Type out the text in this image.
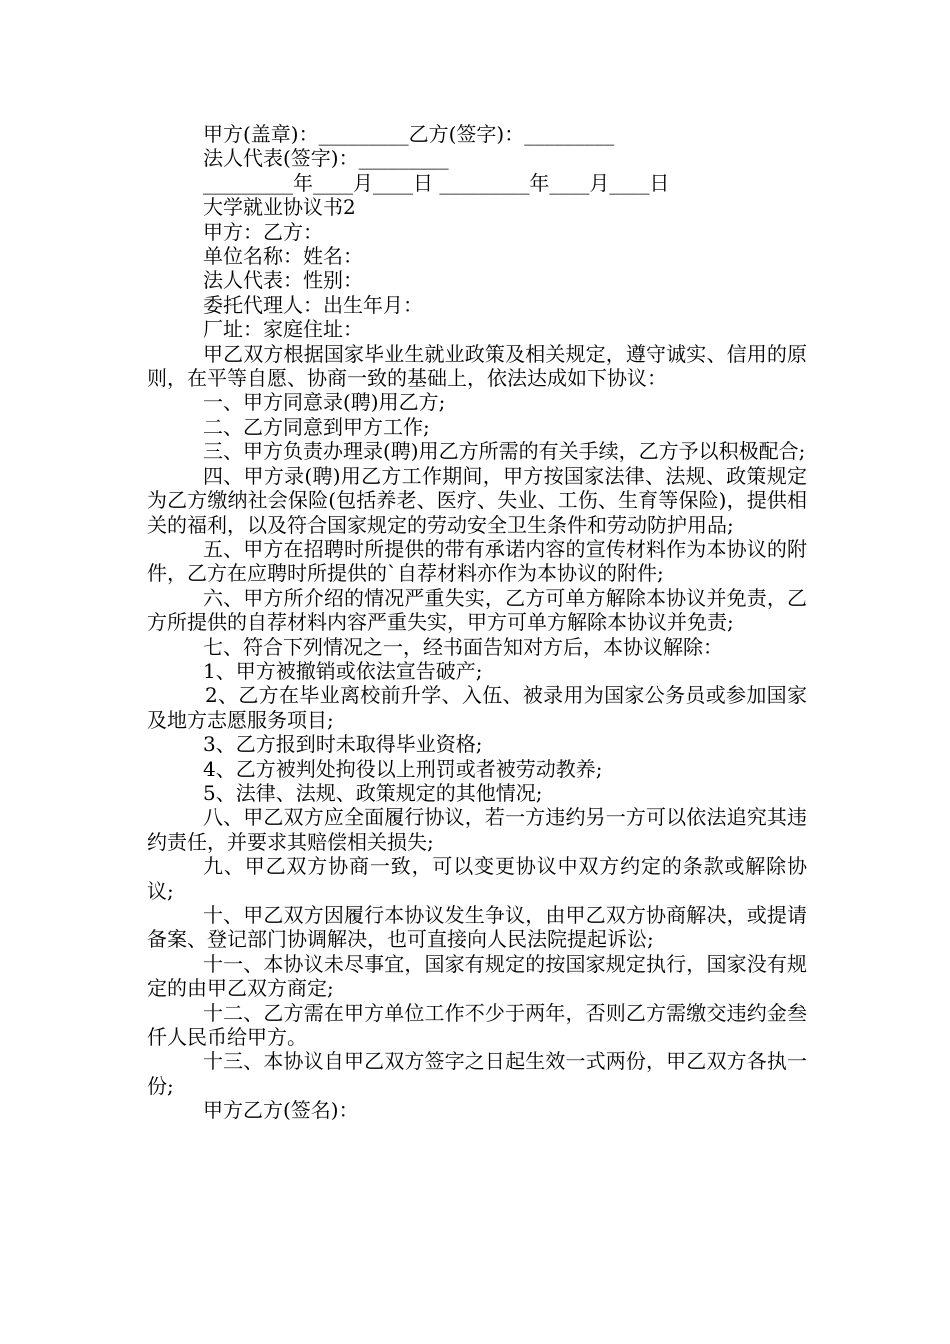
甲方(盖章)：_________乙方(签字)：_________
法人代表(签字)：_________
_________年____月____日 _________年____月____日
大学就业协议书2
甲方：乙方：
单位名称：姓名：
法人代表：性别：
委托代理人：出生年月：
厂址：家庭住址：

甲乙双方根据国家毕业生就业政策及相关规定，遵守诚实、信用的原则，在平等自愿、协商一致的基础上，依法达成如下协议：

一、甲方同意录(聘)用乙方;

二、乙方同意到甲方工作;

三、甲方负责办理录(聘)用乙方所需的有关手续，乙方予以积极配合;

四、甲方录(聘)用乙方工作期间，甲方按国家法律、法规、政策规定为乙方缴纳社会保险(包括养老、医疗、失业、工伤、生育等保险)，提供相关的福利，以及符合国家规定的劳动安全卫生条件和劳动防护用品;

五、甲方在招聘时所提供的带有承诺内容的宣传材料作为本协议的附件，乙方在应聘时所提供的`自荐材料亦作为本协议的附件;

六、甲方所介绍的情况严重失实，乙方可单方解除本协议并免责，乙方所提供的自荐材料内容严重失实，甲方可单方解除本协议并免责;

七、符合下列情况之一，经书面告知对方后，本协议解除：

1、甲方被撤销或依法宣告破产;

2、乙方在毕业离校前升学、入伍、被录用为国家公务员或参加国家及地方志愿服务项目;

3、乙方报到时未取得毕业资格;

4、乙方被判处拘役以上刑罚或者被劳动教养;

5、法律、法规、政策规定的其他情况;

八、甲乙双方应全面履行协议，若一方违约另一方可以依法追究其违约责任，并要求其赔偿相关损失;

九、甲乙双方协商一致，可以变更协议中双方约定的条款或解除协议;

十、甲乙双方因履行本协议发生争议，由甲乙双方协商解决，或提请备案、登记部门协调解决，也可直接向人民法院提起诉讼;

十一、本协议未尽事宜，国家有规定的按国家规定执行，国家没有规定的由甲乙双方商定;

十二、乙方需在甲方单位工作不少于两年，否则乙方需缴交违约金叁仟人民币给甲方。

十三、本协议自甲乙双方签字之日起生效一式两份，甲乙双方各执一份;

甲方乙方(签名)：
